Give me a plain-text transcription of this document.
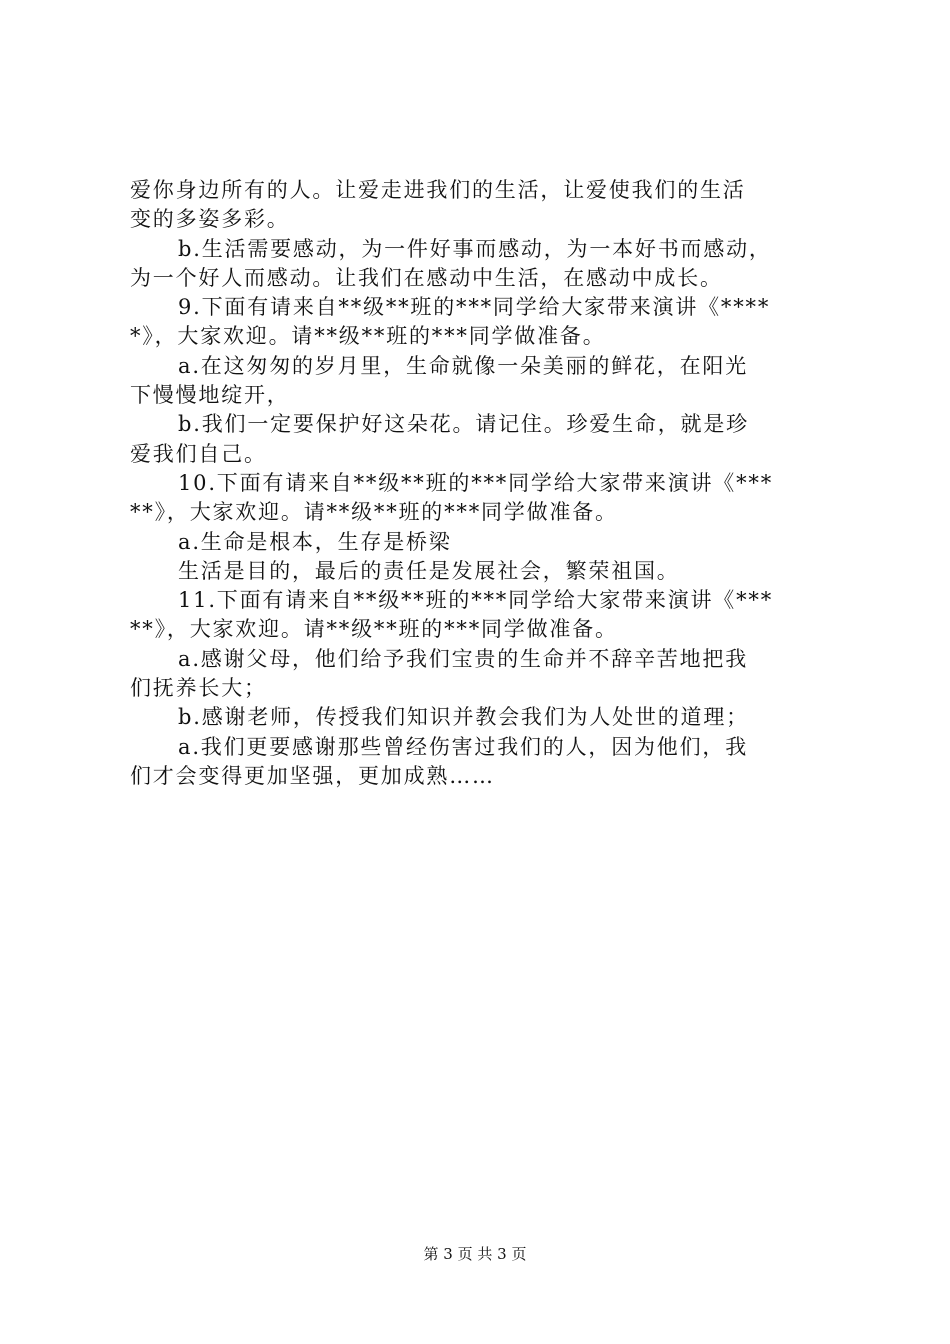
爱你身边所有的人。让爱走进我们的生活，让爱使我们的生活
变的多姿多彩。
b.生活需要感动，为一件好事而感动，为一本好书而感动，
为一个好人而感动。让我们在感动中生活，在感动中成长。
9.下面有请来自**级**班的***同学给大家带来演讲《****
*》，大家欢迎。请**级**班的***同学做准备。
a.在这匆匆的岁月里，生命就像一朵美丽的鲜花，在阳光
下慢慢地绽开，
b.我们一定要保护好这朵花。请记住。珍爱生命，就是珍
爱我们自己。
10.下面有请来自**级**班的***同学给大家带来演讲《***
**》，大家欢迎。请**级**班的***同学做准备。
a.生命是根本，生存是桥梁
生活是目的，最后的责任是发展社会，繁荣祖国。
11.下面有请来自**级**班的***同学给大家带来演讲《***
**》，大家欢迎。请**级**班的***同学做准备。
a.感谢父母，他们给予我们宝贵的生命并不辞辛苦地把我
们抚养长大；
b.感谢老师，传授我们知识并教会我们为人处世的道理；
a.我们更要感谢那些曾经伤害过我们的人，因为他们，我
们才会变得更加坚强，更加成熟……
第 3 页 共 3 页
